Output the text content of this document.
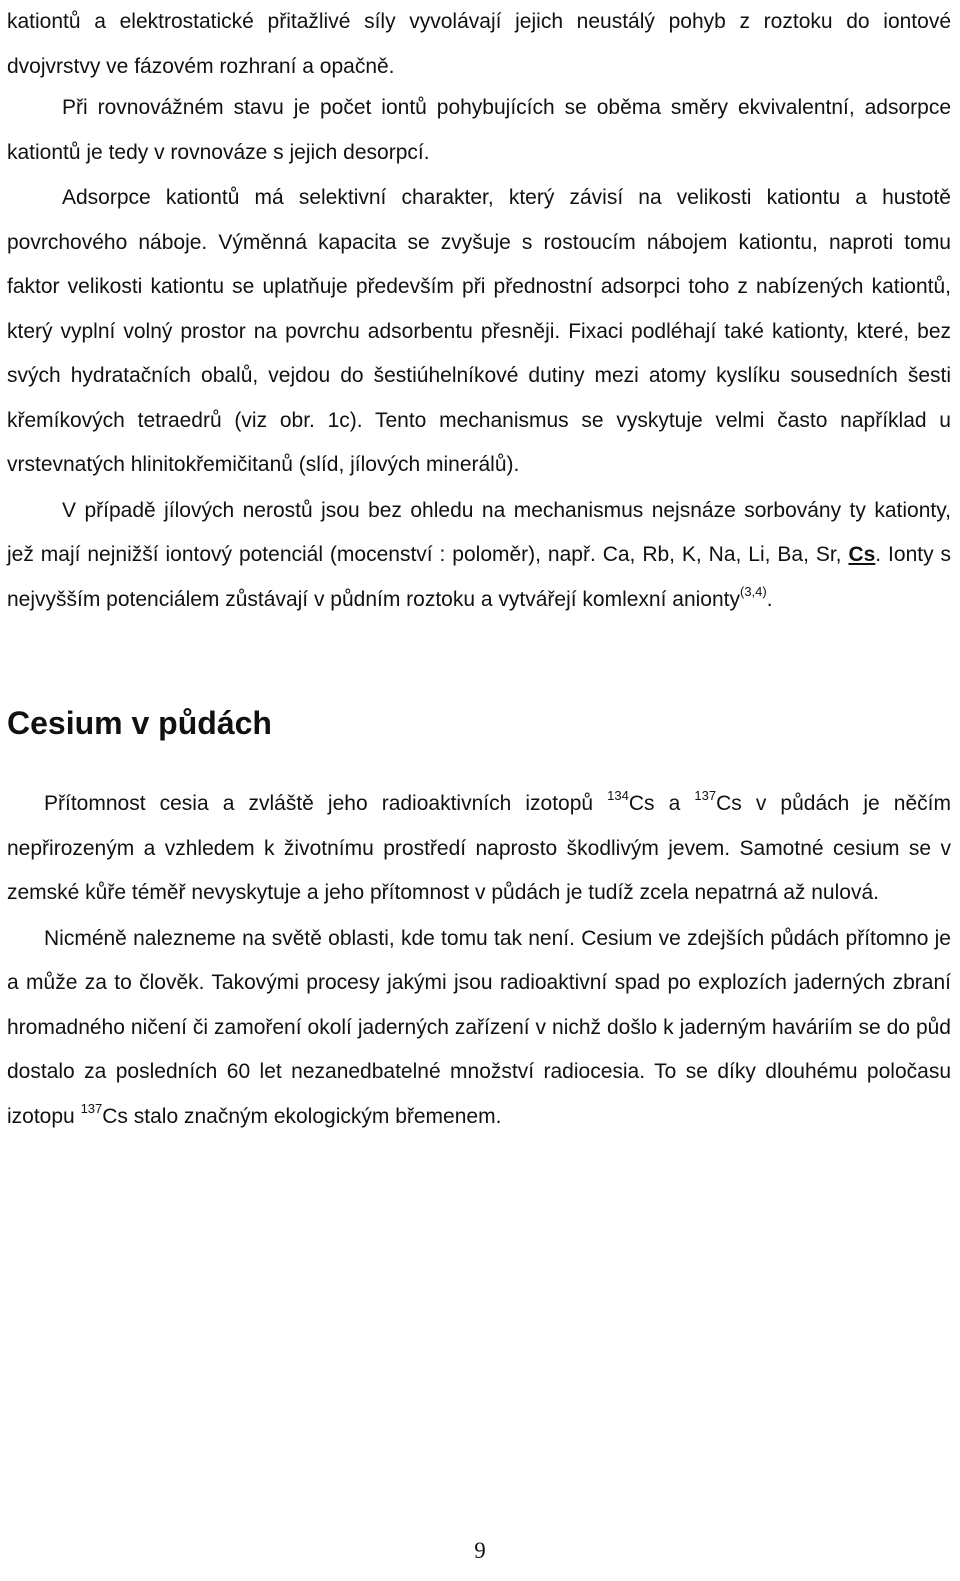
kationtů a elektrostatické přitažlivé síly vyvolávají jejich neustálý pohyb z roztoku do iontové dvojvrstvy ve fázovém rozhraní a opačně.

Při rovnovážném stavu je počet iontů pohybujících se oběma směry ekvivalentní, adsorpce kationtů je tedy v rovnováze s jejich desorpcí.

Adsorpce kationtů má selektivní charakter, který závisí na velikosti kationtu a hustotě povrchového náboje. Výměnná kapacita se zvyšuje s rostoucím nábojem kationtu, naproti tomu faktor velikosti kationtu se uplatňuje především při přednostní adsorpci toho z nabízených kationtů, který vyplní volný prostor na povrchu adsorbentu přesněji. Fixaci podléhají také kationty, které, bez svých hydratačních obalů, vejdou do šestiúhelníkové dutiny mezi atomy kyslíku sousedních šesti křemíkových tetraedrů (viz obr. 1c). Tento mechanismus se vyskytuje velmi často například u vrstevnatých hlinitokřemičitanů (slíd, jílových minerálů).

V případě jílových nerostů jsou bez ohledu na mechanismus nejsnáze sorbovány ty kationty, jež mají nejnižší iontový potenciál (mocenství : poloměr), např. Ca, Rb, K, Na, Li, Ba, Sr, Cs. Ionty s nejvyšším potenciálem zůstávají v půdním roztoku a vytvářejí komlexní anionty$^{(3,4)}$.

Cesium v půdách

Přítomnost cesia a zvláště jeho radioaktivních izotopů $^{134}$Cs a $^{137}$Cs v půdách je něčím nepřirozeným a vzhledem k životnímu prostředí naprosto škodlivým jevem. Samotné cesium se v zemské kůře téměř nevyskytuje a jeho přítomnost v půdách je tudíž zcela nepatrná až nulová.

Nicméně nalezneme na světě oblasti, kde tomu tak není. Cesium ve zdejších půdách přítomno je a může za to člověk. Takovými procesy jakými jsou radioaktivní spad po explozích jaderných zbraní hromadného ničení či zamoření okolí jaderných zařízení v nichž došlo k jaderným haváriím se do půd dostalo za posledních 60 let nezanedbatelné množství radiocesia. To se díky dlouhému poločasu izotopu $^{137}$Cs stalo značným ekologickým břemenem.

9
